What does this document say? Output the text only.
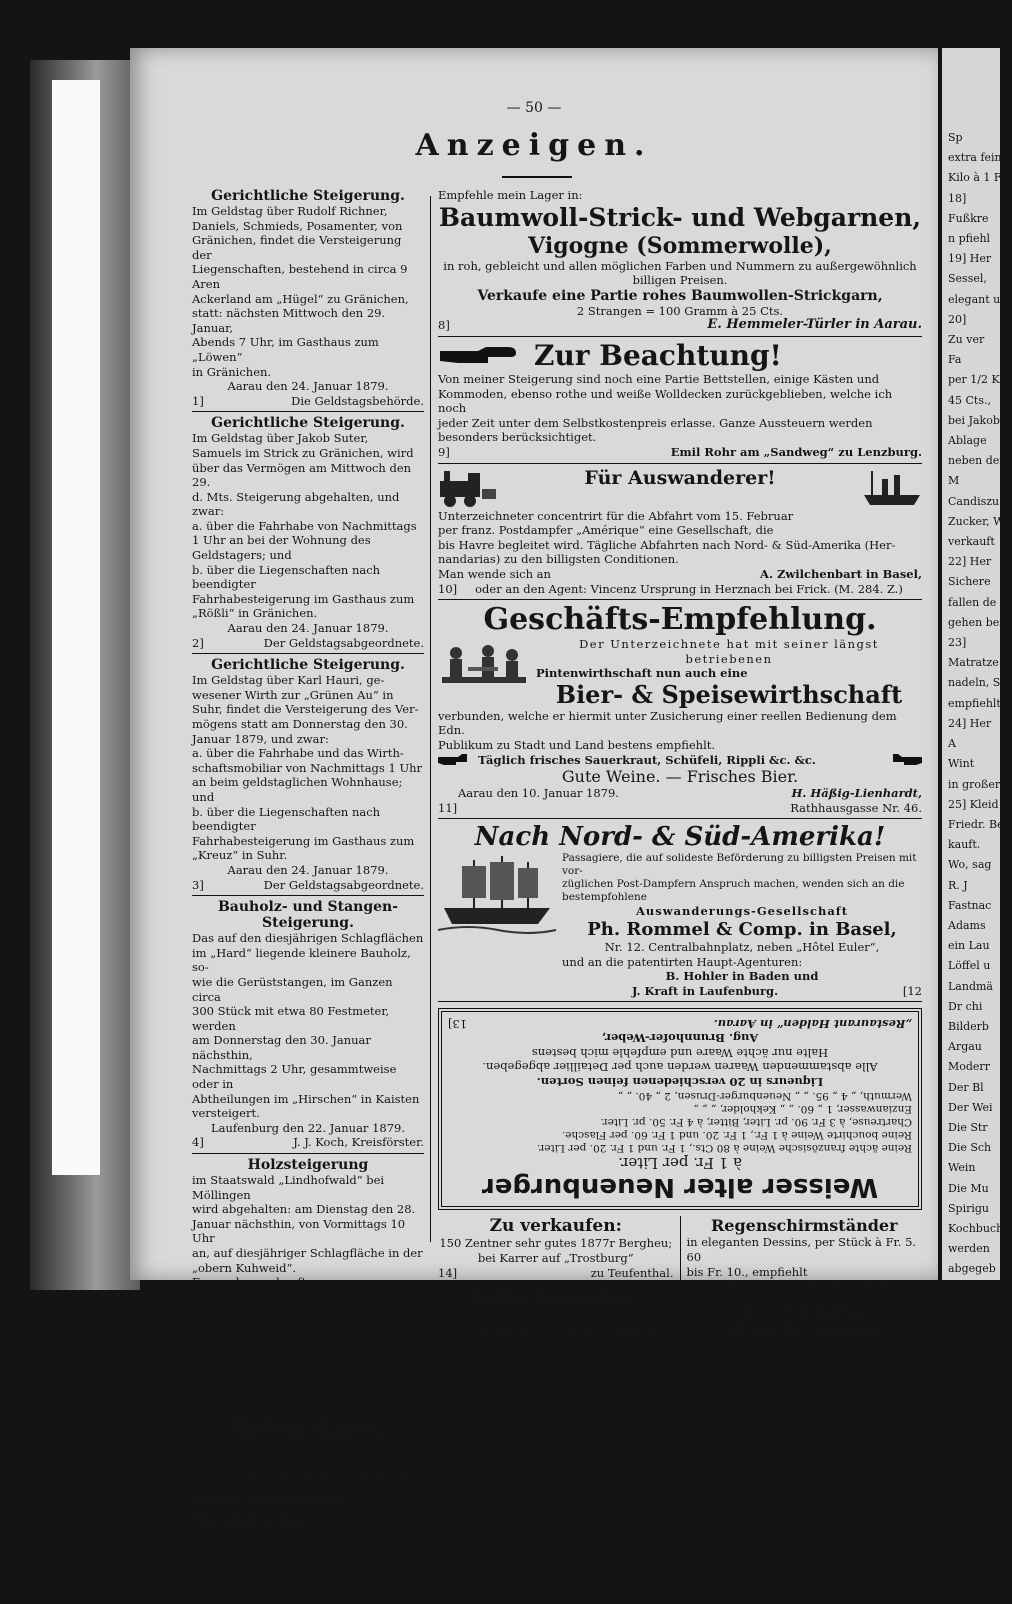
— 50 —
Anzeigen.

Gerichtliche Steigerung.

Im Geldstag über Rudolf Richner,
Daniels, Schmieds, Posamenter, von
Gränichen, findet die Versteigerung der
Liegenschaften, bestehend in circa 9 Aren
Ackerland am „Hügel“ zu Gränichen,
statt: nächsten Mittwoch den 29. Januar,
Abends 7 Uhr, im Gasthaus zum „Löwen“
in Gränichen.

Aarau den 24. Januar 1879.

1]	Die Geldstagsbehörde.

Gerichtliche Steigerung.

Im Geldstag über Jakob Suter,
Samuels im Strick zu Gränichen, wird
über das Vermögen am Mittwoch den 29.
d. Mts. Steigerung abgehalten, und zwar:
a. über die Fahrhabe von Nachmittags
1 Uhr an bei der Wohnung des Geldstagers; und
b. über die Liegenschaften nach beendigter
Fahrhabesteigerung im Gasthaus zum
„Rößli“ in Gränichen.

Aarau den 24. Januar 1879.

2]	Der Geldstagsabgeordnete.

Gerichtliche Steigerung.

Im Geldstag über Karl Hauri, ge-
wesener Wirth zur „Grünen Au“ in
Suhr, findet die Versteigerung des Ver-
mögens statt am Donnerstag den 30.
Januar 1879, und zwar:
a. über die Fahrhabe und das Wirth-
schaftsmobiliar von Nachmittags 1 Uhr
an beim geldstaglichen Wohnhause;
und
b. über die Liegenschaften nach beendigter
Fahrhabesteigerung im Gasthaus zum
„Kreuz“ in Suhr.

Aarau den 24. Januar 1879.

3]	Der Geldstagsabgeordnete.

Bauholz- und Stangen-

Steigerung.

Das auf den diesjährigen Schlagflächen
im „Hard“ liegende kleinere Bauholz, so-
wie die Gerüststangen, im Ganzen circa
300 Stück mit etwa 80 Festmeter, werden
am Donnerstag den 30. Januar nächsthin,
Nachmittags 2 Uhr, gesammtweise oder in
Abtheilungen im „Hirschen“ in Kaisten
versteigert.

Laufenburg den 22. Januar 1879.

4]	J. J. Koch, Kreisförster.

Holzsteigerung

im Staatswald „Lindhofwald“ bei Möllingen
wird abgehalten: am Dienstag den 28.
Januar nächsthin, von Vormittags 10 Uhr
an, auf diesjähriger Schlagfläche in der
„obern Kuhweid“.
Es werden verkauft:
1 Stück Birken-Nutzholz und 2 Stück
Bauholz mit 1,75 Festmeter, 107
Stere Mischel- und 64 Stere Föhren-
spältenholz, 1015 Stück Reiswellen.
Kaufsliebhaber ladet ein

Lenzburg den 23. Januar 1879.

Der Kreisförster:

5]	Rud. Heusler.

Kölner-Leim,

prima Qualität, per Pfund à Fr. 1., bei
Parthien billiger, empfiehlt
6] Hermann Lüthy in Schöftland.

Neue geriebene Stockfische,

Mollesische in trockenem Salz,
Neue gedörrte Häringe
empfiehlt billigst

Cl. Haßler-Wanger,

7]	vis-à-vis dem „Ochsen“ in Aarau.

Empfehle mein Lager in:

Baumwoll-Strick- und Webgarnen,

Vigogne (Sommerwolle),

in roh, gebleicht und allen möglichen Farben und Nummern zu außergewöhnlich
billigen Preisen.

Verkaufe eine Partie rohes Baumwollen-Strickgarn,

2 Strangen = 100 Gramm à 25 Cts.

8]	E. Hemmeler-Türler in Aarau.

Zur Beachtung!

Von meiner Steigerung sind noch eine Partie Bettstellen, einige Kästen und
Kommoden, ebenso rothe und weiße Wolldecken zurückgeblieben, welche ich noch
jeder Zeit unter dem Selbstkostenpreis erlasse. Ganze Aussteuern werden
besonders berücksichtiget.
9]	Emil Rohr am „Sandweg“ zu Lenzburg.

Für Auswanderer!

Unterzeichneter concentrirt für die Abfahrt vom 15. Februar
per franz. Postdampfer „Amérique“ eine Gesellschaft, die
bis Havre begleitet wird. Tägliche Abfahrten nach Nord- & Süd-Amerika (Her-
nandarias) zu den billigsten Conditionen.
Man wende sich an	A. Zwilchenbart in Basel,
10] oder an den Agent: Vincenz Ursprung in Herznach bei Frick. (M. 284. Z.)

Geschäfts-Empfehlung.

Der Unterzeichnete hat mit seiner längst betriebenen

Pintenwirthschaft nun auch eine

Bier- & Speisewirthschaft

verbunden, welche er hiermit unter Zusicherung einer reellen Bedienung dem Edn.
Publikum zu Stadt und Land bestens empfiehlt.

Täglich frisches Sauerkraut, Schüfeli, Rippli &c. &c.

Gute Weine. — Frisches Bier.

Aarau den 10. Januar 1879.	H. Häßig-Lienhardt,
11]	Rathhausgasse Nr. 46.

Nach Nord- & Süd-Amerika!

Passagiere, die auf solideste Beförderung zu billigsten Preisen mit vor-
züglichen Post-Dampfern Anspruch machen, wenden sich an die bestempfohlene

Auswanderungs-Gesellschaft

Ph. Rommel & Comp. in Basel,

Nr. 12. Centralbahnplatz, neben „Hôtel Euler“,

und an die patentirten Haupt-Agenturen:

B. Hohler in Baden und

J. Kraft in Laufenburg.	[12

Weisser alter Neuenburger

à 1 Fr. per Liter.

Reine ächte französische Weine à 80 Cts., 1 Fr. und 1 Fr. 20. per Liter.
Reine bouchirte Weine à 1 Fr., 1 Fr. 20. und 1 Fr. 60. per Flasche.
Chartreuse, à 3 Fr. 90. pr. Liter, Bitter, à 4 Fr. 50. pr. Liter.
Enzianwasser, 1 „ 60. „ „ Kekholder, „ „ „
Wermuth, „ 4 „ 95. „ „ Neuenburger-Drusen, 2 „ 40. „ „

Liqueurs in 20 verschiedenen feinen Sorten.

Alle abstammenden Waaren werden auch per Detaillier abgegeben.

Halte nur ächte Waare und empfehle mich bestens

Aug. Brunnhofer-Weber,

„Restaurant Halden“ in Aarau.
13]

Zu verkaufen:

150 Zentner sehr gutes 1877r Bergheu;
bei Karrer auf „Trostburg“
14]	zu Teufenthal.

Grüne Kastanien,

per Pfund à 15 Cts., empfiehlt

15] Hermann Lüthy in Schöftland.

Regenschirmständer

in eleganten Dessins, per Stück à Fr. 5. 60
bis Fr. 10., empfiehlt
16] Hermann Lüthy in Schöftland.

Zu verkaufen:

40 Säcke Spreuer,

Bei wem, sagt der Verleger d. Bl. [17
Sp
extra feine
Kilo à 1 F
18]
Fußkre
n pfiehl
19] Her
Sessel,
elegant un
20]
Zu ver
Fa
per 1/2 Kil
45 Cts.,
bei Jakob
Ablage
neben der
M
Candiszu
Zucker, Wi
verkauft
22] Her
Sichere
fallen de
gehen bei
23]
Matratze
nadeln, S
empfiehlt
24] Her
A
Wint
in großer A
25] Kleid
Friedr. Be
kauft.
Wo, sag
R. J
Fastnac
Adams
ein Lau
Löffel u
Landmä
Dr chi
Bilderb
Argau
Moderr
Der Bl
Der Wei
Die Str
Die Sch
Wein
Die Mu
Spirigu
Kochbuch
werden
abgegeb
